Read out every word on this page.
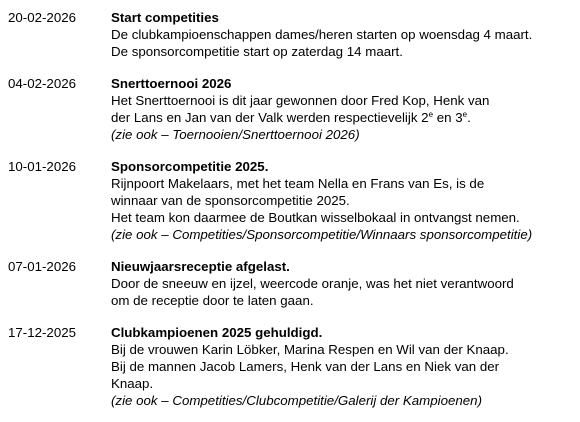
20-02-2026	Start competities
De clubkampioenschappen dames/heren starten op woensdag 4 maart.
De sponsorcompetitie start op zaterdag 14 maart.
04-02-2026	Snerttoernooi 2026
Het Snerttoernooi is dit jaar gewonnen door Fred Kop, Henk van
der Lans en Jan van der Valk werden respectievelijk 2e en 3e.
(zie ook – Toernooien/Snerttoernooi 2026)
10-01-2026	Sponsorcompetitie 2025.
Rijnpoort Makelaars, met het team Nella en Frans van Es, is de
winnaar van de sponsorcompetitie 2025.
Het team kon daarmee de Boutkan wisselbokaal in ontvangst nemen.
(zie ook – Competities/Sponsorcompetitie/Winnaars sponsorcompetitie)
07-01-2026	Nieuwjaarsreceptie afgelast.
Door de sneeuw en ijzel, weercode oranje, was het niet verantwoord
om de receptie door te laten gaan.
17-12-2025	Clubkampioenen 2025 gehuldigd.
Bij de vrouwen Karin Löbker, Marina Respen en Wil van der Knaap.
Bij de mannen Jacob Lamers, Henk van der Lans en Niek van der
Knaap.
(zie ook – Competities/Clubcompetitie/Galerij der Kampioenen)
